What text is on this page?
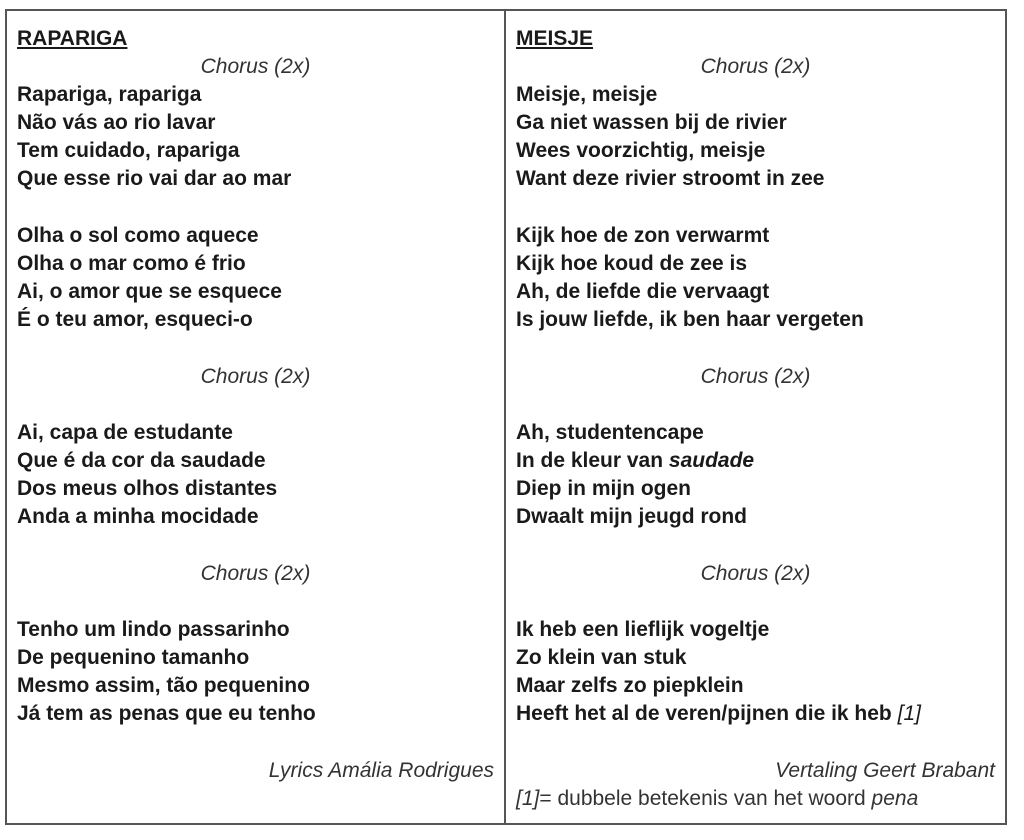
RAPARIGA
Chorus (2x)
Rapariga, rapariga
Não vás ao rio lavar
Tem cuidado, rapariga
Que esse rio vai dar ao mar
Olha o sol como aquece
Olha o mar como é frio
Ai, o amor que se esquece
É o teu amor, esqueci-o
Chorus (2x)
Ai, capa de estudante
Que é da cor da saudade
Dos meus olhos distantes
Anda a minha mocidade
Chorus (2x)
Tenho um lindo passarinho
De pequenino tamanho
Mesmo assim, tão pequenino
Já tem as penas que eu tenho
Lyrics Amália Rodrigues
MEISJE
Chorus (2x)
Meisje, meisje
Ga niet wassen bij de rivier
Wees voorzichtig, meisje
Want deze rivier stroomt in zee
Kijk hoe de zon verwarmt
Kijk hoe koud de zee is
Ah, de liefde die vervaagt
Is jouw liefde, ik ben haar vergeten
Chorus (2x)
Ah, studentencape
In de kleur van saudade
Diep in mijn ogen
Dwaalt mijn jeugd rond
Chorus (2x)
Ik heb een lieflijk vogeltje
Zo klein van stuk
Maar zelfs zo piepklein
Heeft het al de veren/pijnen die ik heb [1]
Vertaling Geert Brabant
[1]= dubbele betekenis van het woord pena
